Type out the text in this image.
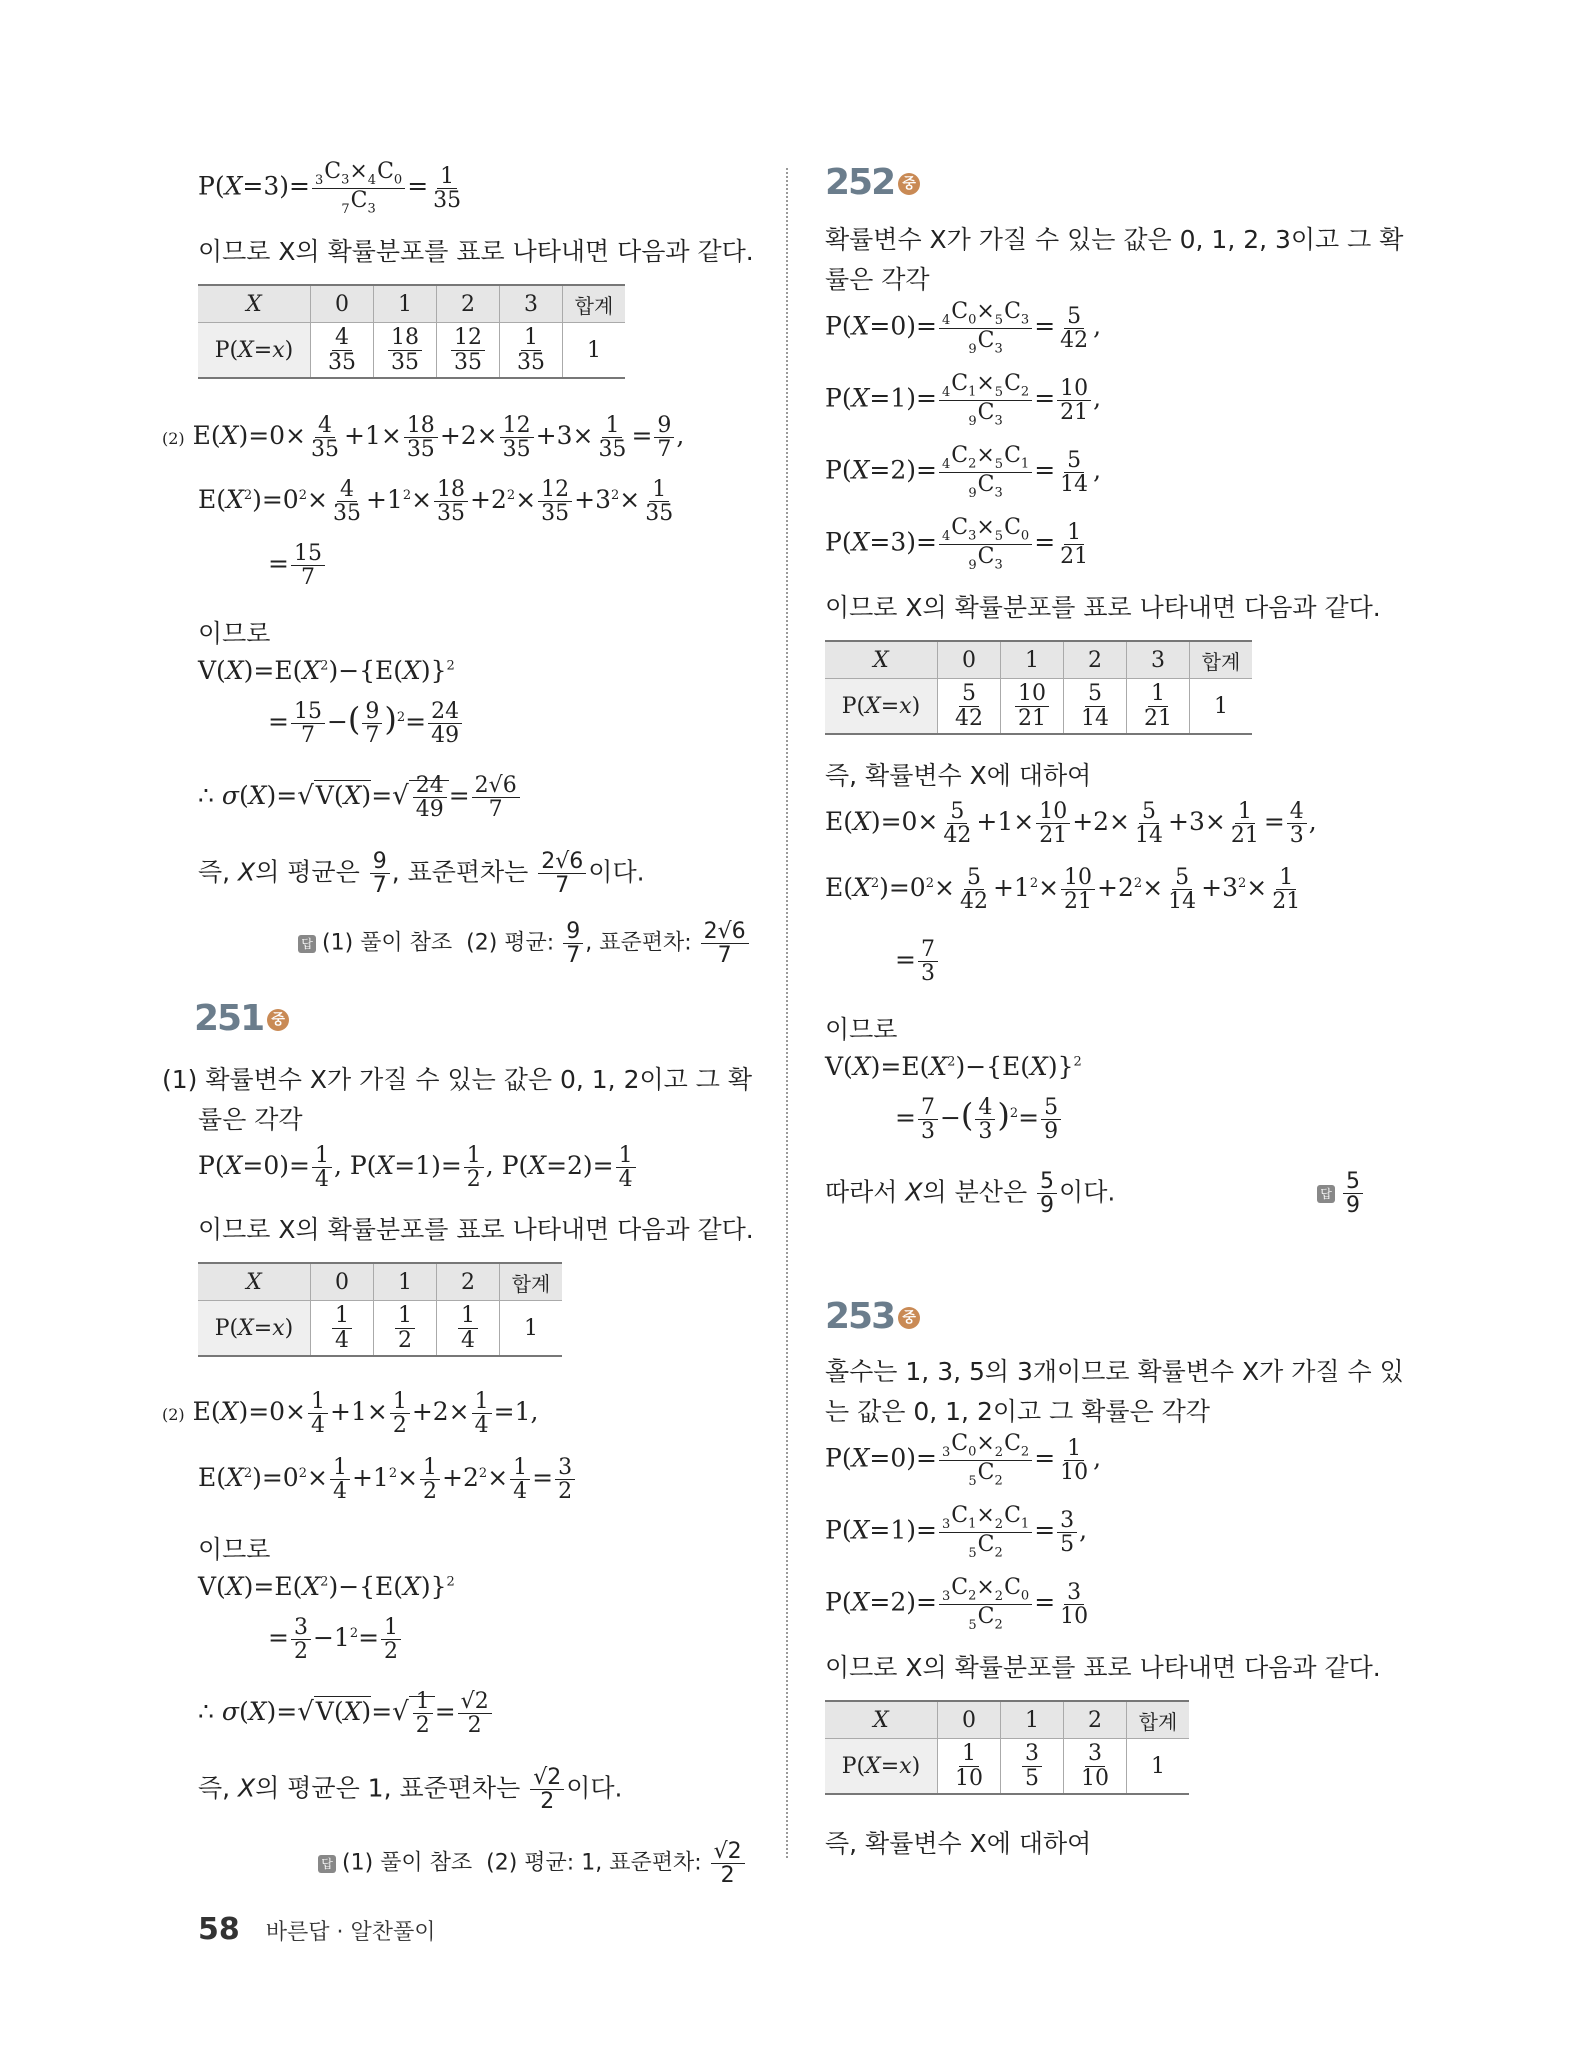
$P(X=3)= \frac{_3C_3\times_4C_0}{_7C_3} = \frac{1}{35}$
이므로 X의 확률분포를 표로 나타내면 다음과 같다.
X	0	1	2	3	합계
P(X=x)	$\frac{4}{35}$	$\frac{18}{35}$	$\frac{12}{35}$	$\frac{1}{35}$	1
(2) $E(X)=0\times \frac{4}{35} +1\times \frac{18}{35} +2\times \frac{12}{35} +3\times \frac{1}{35} = \frac{9}{7}$ ,
$E(X^2)=0^2\times \frac{4}{35} +1^2\times \frac{18}{35} +2^2\times \frac{12}{35} +3^2\times \frac{1}{35}$
= $\frac{15}{7}$
이므로
$V(X)=E(X^2)-\{E(X)\}^2$
= $\frac{15}{7}$ −( $\frac{9}{7} )^2= \frac{24}{49}$
∴ $\sigma(X)=√V(X)=√ \frac{24}{49} = \frac{2√6}{7}$
즉, X의 평균은 $\frac{9}{7}$ , 표준편차는 $\frac{2√6}{7}$ 이다.
답 (1) 풀이 참조  (2) 평균: $\frac{9}{7}$ , 표준편차: $\frac{2√6}{7}$
251 중
(1) 확률변수 X가 가질 수 있는 값은 0, 1, 2이고 그 확
률은 각각
$P(X=0)= \frac{1}{4}$ , $P(X=1)= \frac{1}{2}$ , $P(X=2)= \frac{1}{4}$
이므로 X의 확률분포를 표로 나타내면 다음과 같다.
X	0	1	2	합계
P(X=x)	$\frac{1}{4}$	$\frac{1}{2}$	$\frac{1}{4}$	1
(2) $E(X)=0\times \frac{1}{4} +1\times \frac{1}{2} +2\times \frac{1}{4} =1$,
$E(X^2)=0^2\times \frac{1}{4} +1^2\times \frac{1}{2} +2^2\times \frac{1}{4} = \frac{3}{2}$
이므로
$V(X)=E(X^2)-\{E(X)\}^2$
= $\frac{3}{2} -1^2= \frac{1}{2}$
∴ $\sigma(X)=√V(X)=√ \frac{1}{2} = \frac{√2}{2}$
즉, X의 평균은 1, 표준편차는 $\frac{√2}{2}$ 이다.
답 (1) 풀이 참조  (2) 평균: 1, 표준편차: $\frac{√2}{2}$
252 중
확률변수 X가 가질 수 있는 값은 0, 1, 2, 3이고 그 확
률은 각각
$P(X=0)= \frac{_4C_0\times_5C_3}{_9C_3} = \frac{5}{42}$ ,
$P(X=1)= \frac{_4C_1\times_5C_2}{_9C_3} = \frac{10}{21}$ ,
$P(X=2)= \frac{_4C_2\times_5C_1}{_9C_3} = \frac{5}{14}$ ,
$P(X=3)= \frac{_4C_3\times_5C_0}{_9C_3} = \frac{1}{21}$
이므로 X의 확률분포를 표로 나타내면 다음과 같다.
X	0	1	2	3	합계
P(X=x)	$\frac{5}{42}$	$\frac{10}{21}$	$\frac{5}{14}$	$\frac{1}{21}$	1
즉, 확률변수 X에 대하여
$E(X)=0\times \frac{5}{42} +1\times \frac{10}{21} +2\times \frac{5}{14} +3\times \frac{1}{21} = \frac{4}{3}$ ,
$E(X^2)=0^2\times \frac{5}{42} +1^2\times \frac{10}{21} +2^2\times \frac{5}{14} +3^2\times \frac{1}{21}$
= $\frac{7}{3}$
이므로
$V(X)=E(X^2)-\{E(X)\}^2$
= $\frac{7}{3}$ −( $\frac{4}{3} )^2= \frac{5}{9}$
따라서 X의 분산은 $\frac{5}{9}$ 이다.	답 $\frac{5}{9}$
253 중
홀수는 1, 3, 5의 3개이므로 확률변수 X가 가질 수 있
는 값은 0, 1, 2이고 그 확률은 각각
$P(X=0)= \frac{_3C_0\times_2C_2}{_5C_2} = \frac{1}{10}$ ,
$P(X=1)= \frac{_3C_1\times_2C_1}{_5C_2} = \frac{3}{5}$ ,
$P(X=2)= \frac{_3C_2\times_2C_0}{_5C_2} = \frac{3}{10}$
이므로 X의 확률분포를 표로 나타내면 다음과 같다.
X	0	1	2	합계
P(X=x)	$\frac{1}{10}$	$\frac{3}{5}$	$\frac{3}{10}$	1
즉, 확률변수 X에 대하여
58 바른답 · 알찬풀이
